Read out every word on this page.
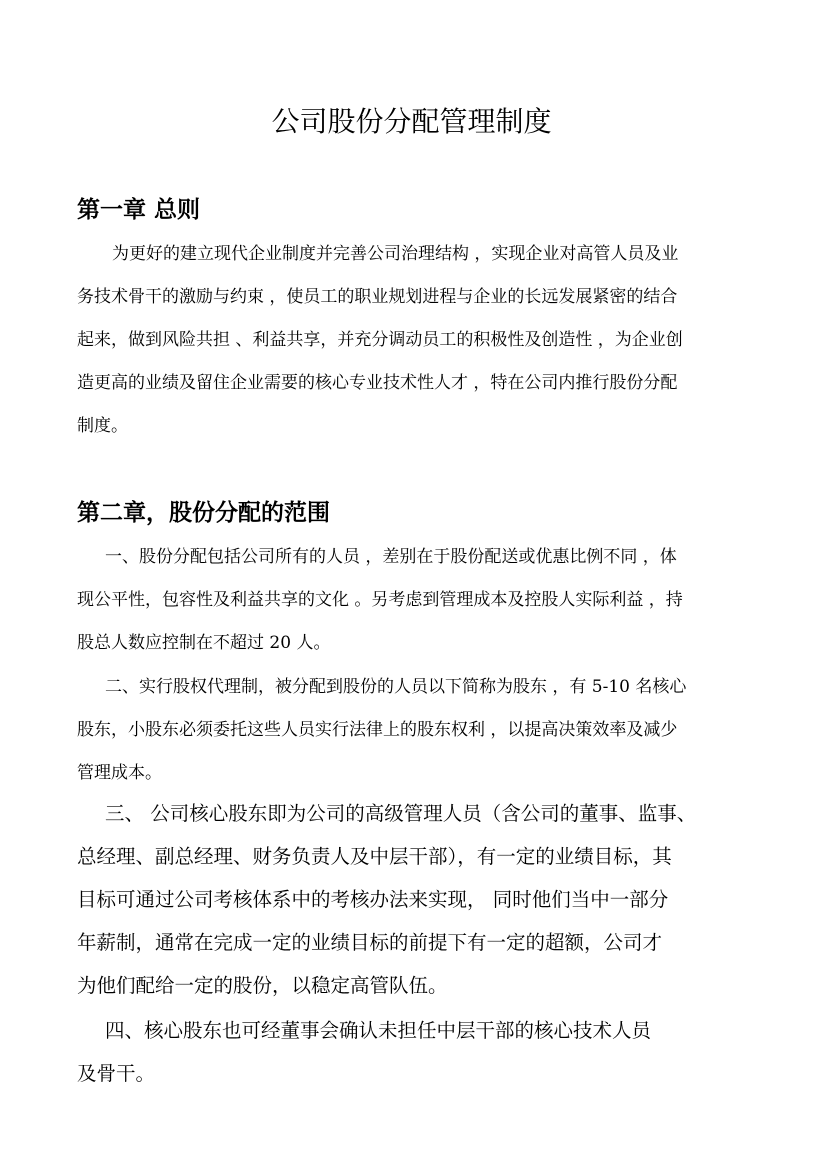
公司股份分配管理制度
第一章 总则
为更好的建立现代企业制度并完善公司治理结构 ，实现企业对高管人员及业
务技术骨干的激励与约束 ，使员工的职业规划进程与企业的长远发展紧密的结合
起来，做到风险共担 、利益共享，并充分调动员工的积极性及创造性 ，为企业创
造更高的业绩及留住企业需要的核心专业技术性人才 ，特在公司内推行股份分配
制度。
第二章，股份分配的范围
一、股份分配包括公司所有的人员 ，差别在于股份配送或优惠比例不同 ，体
现公平性，包容性及利益共享的文化 。另考虑到管理成本及控股人实际利益 ，持
股总人数应控制在不超过 20 人。
二、实行股权代理制，被分配到股份的人员以下简称为股东 ，有 5-10 名核心
股东，小股东必须委托这些人员实行法律上的股东权利 ，以提高决策效率及减少
管理成本。
三、 公司核心股东即为公司的高级管理人员（含公司的董事、监事、
总经理、副总经理、财务负责人及中层干部），有一定的业绩目标，其
目标可通过公司考核体系中的考核办法来实现， 同时他们当中一部分
年薪制，通常在完成一定的业绩目标的前提下有一定的超额，公司才
为他们配给一定的股份，以稳定高管队伍。
四、核心股东也可经董事会确认未担任中层干部的核心技术人员
及骨干。
